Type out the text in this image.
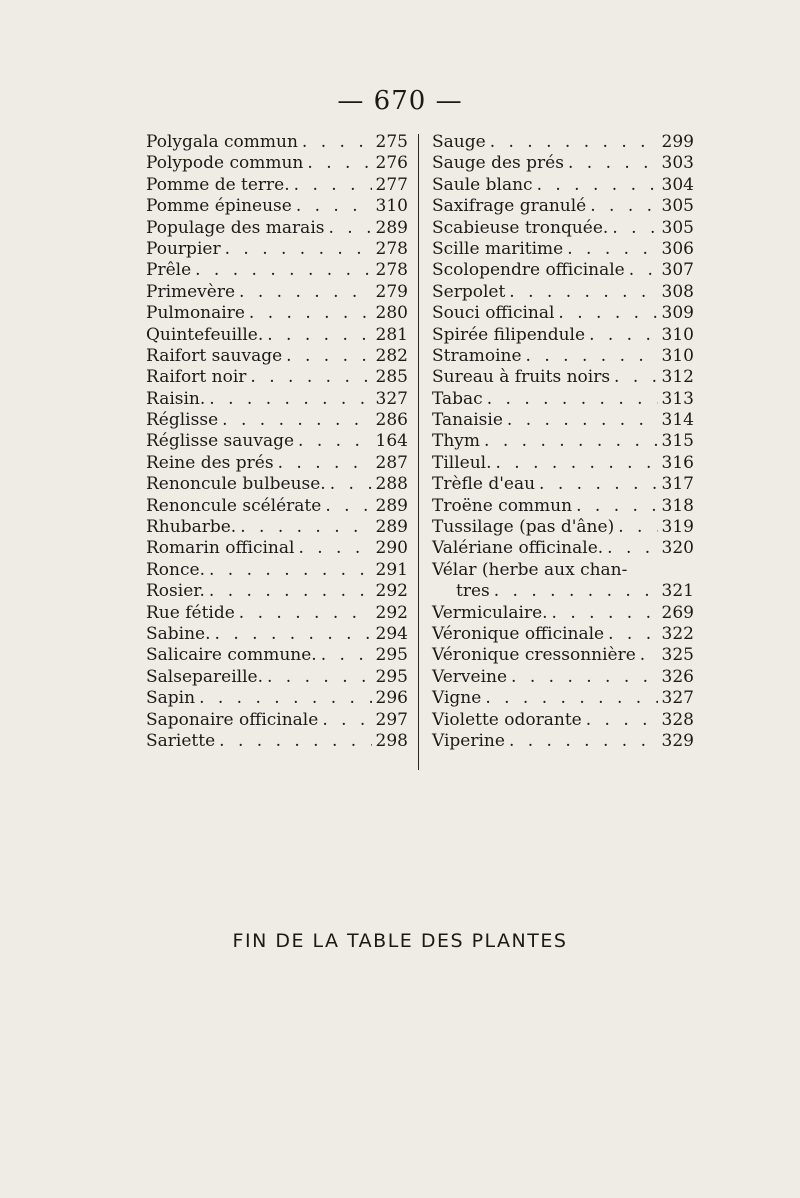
— 670 —
Polygala commun . . .	275
Polypode commun . . .	276
Pomme de terre. . . .	277
Pomme épineuse . . .	310
Populage des marais . . .	289
Pourpier . . .	278
Prêle . . .	278
Primevère . . .	279
Pulmonaire . . .	280
Quintefeuille. . . .	281
Raifort sauvage . . .	282
Raifort noir . . .	285
Raisin. . . .	327
Réglisse . . .	286
Réglisse sauvage . . .	164
Reine des prés . . .	287
Renoncule bulbeuse. . . .	288
Renoncule scélérate . . .	289
Rhubarbe. . . .	289
Romarin officinal . . .	290
Ronce. . . .	291
Rosier. . . .	292
Rue fétide . . .	292
Sabine. . . .	294
Salicaire commune. . . .	295
Salsepareille. . . .	295
Sapin . . .	296
Saponaire officinale . . .	297
Sariette . . .	298
Sauge . . .	299
Sauge des prés . . .	303
Saule blanc . . .	304
Saxifrage granulé . . .	305
Scabieuse tronquée. . . .	305
Scille maritime . . .	306
Scolopendre officinale . . . 307
Serpolet . . .	308
Souci officinal . . .	309
Spirée filipendule . . .	310
Stramoine . . .	310
Sureau à fruits noirs . . .	312
Tabac . . .	313
Tanaisie . . .	314
Thym . . .	315
Tilleul. . . .	316
Trèfle d'eau . . .	317
Troëne commun . . .	318
Tussilage (pas d'âne) . . .	319
Valériane officinale. . . .	320
Vélar (herbe aux chan-
tres . . .	321
Vermiculaire. . . .	269
Véronique officinale . . .	322
Véronique cressonnière . . . 325
Verveine . . .	326
Vigne . . .	327
Violette odorante . . .	328
Viperine . . .	329
FIN DE LA TABLE DES PLANTES
